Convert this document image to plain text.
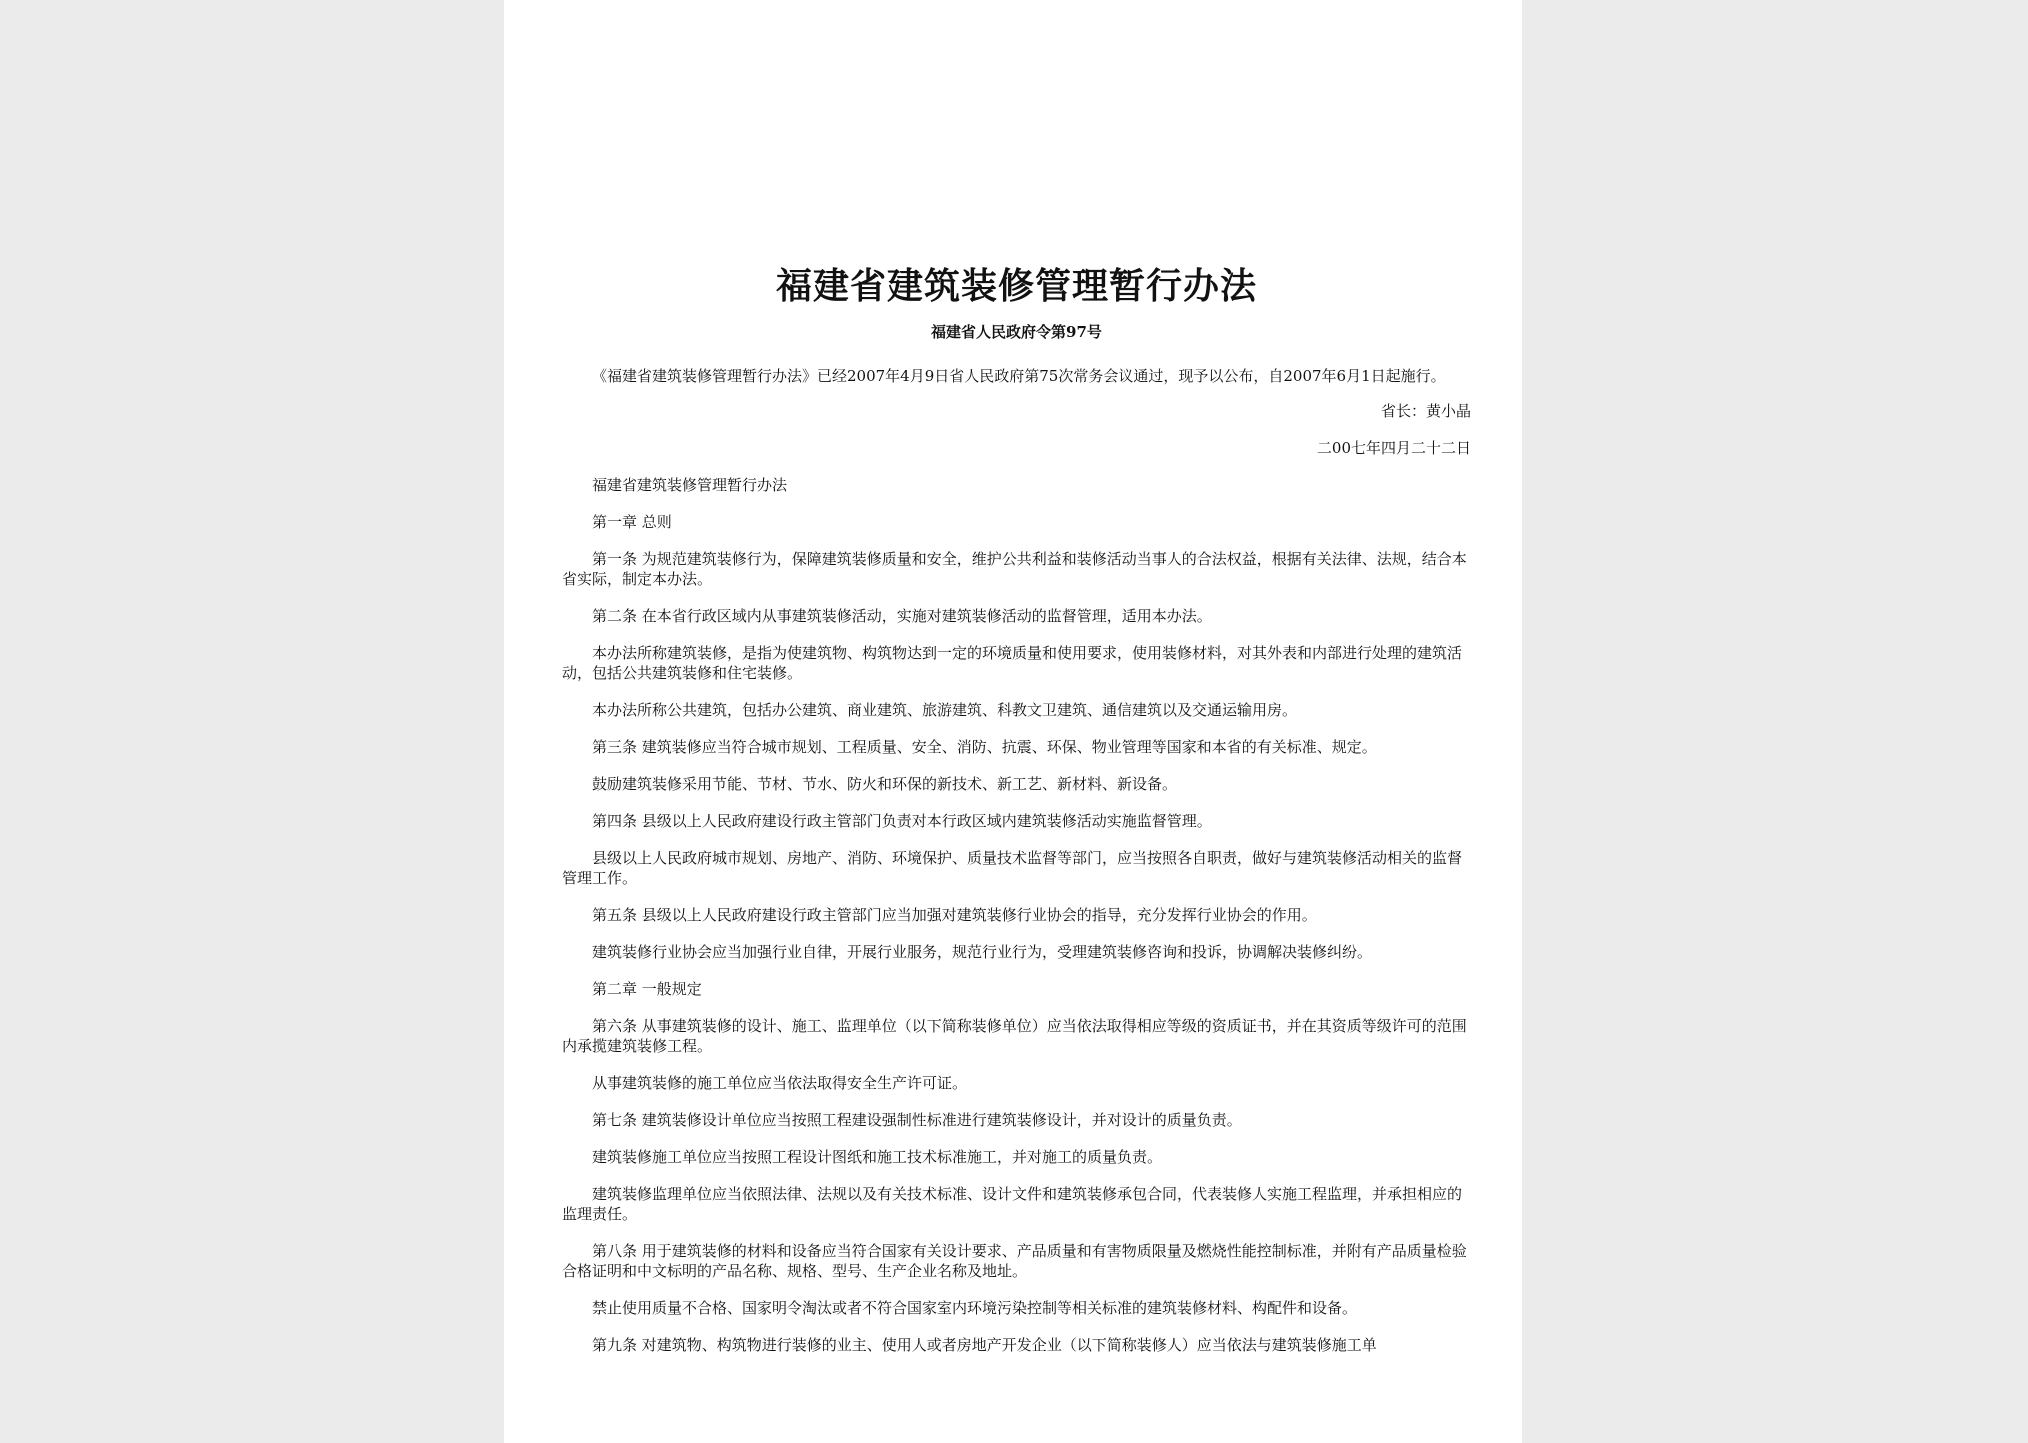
福建省建筑装修管理暂行办法

福建省人民政府令第97号

《福建省建筑装修管理暂行办法》已经2007年4月9日省人民政府第75次常务会议通过，现予以公布，自2007年6月1日起施行。

省长：黄小晶

二00七年四月二十二日

福建省建筑装修管理暂行办法

第一章 总则

第一条 为规范建筑装修行为，保障建筑装修质量和安全，维护公共利益和装修活动当事人的合法权益，根据有关法律、法规，结合本省实际，制定本办法。

第二条 在本省行政区域内从事建筑装修活动，实施对建筑装修活动的监督管理，适用本办法。

本办法所称建筑装修，是指为使建筑物、构筑物达到一定的环境质量和使用要求，使用装修材料，对其外表和内部进行处理的建筑活动，包括公共建筑装修和住宅装修。

本办法所称公共建筑，包括办公建筑、商业建筑、旅游建筑、科教文卫建筑、通信建筑以及交通运输用房。

第三条 建筑装修应当符合城市规划、工程质量、安全、消防、抗震、环保、物业管理等国家和本省的有关标准、规定。

鼓励建筑装修采用节能、节材、节水、防火和环保的新技术、新工艺、新材料、新设备。

第四条 县级以上人民政府建设行政主管部门负责对本行政区域内建筑装修活动实施监督管理。

县级以上人民政府城市规划、房地产、消防、环境保护、质量技术监督等部门，应当按照各自职责，做好与建筑装修活动相关的监督管理工作。

第五条 县级以上人民政府建设行政主管部门应当加强对建筑装修行业协会的指导，充分发挥行业协会的作用。

建筑装修行业协会应当加强行业自律，开展行业服务，规范行业行为，受理建筑装修咨询和投诉，协调解决装修纠纷。

第二章 一般规定

第六条 从事建筑装修的设计、施工、监理单位（以下简称装修单位）应当依法取得相应等级的资质证书，并在其资质等级许可的范围内承揽建筑装修工程。

从事建筑装修的施工单位应当依法取得安全生产许可证。

第七条 建筑装修设计单位应当按照工程建设强制性标准进行建筑装修设计，并对设计的质量负责。

建筑装修施工单位应当按照工程设计图纸和施工技术标准施工，并对施工的质量负责。

建筑装修监理单位应当依照法律、法规以及有关技术标准、设计文件和建筑装修承包合同，代表装修人实施工程监理，并承担相应的监理责任。

第八条 用于建筑装修的材料和设备应当符合国家有关设计要求、产品质量和有害物质限量及燃烧性能控制标准，并附有产品质量检验合格证明和中文标明的产品名称、规格、型号、生产企业名称及地址。

禁止使用质量不合格、国家明令淘汰或者不符合国家室内环境污染控制等相关标准的建筑装修材料、构配件和设备。

第九条 对建筑物、构筑物进行装修的业主、使用人或者房地产开发企业（以下简称装修人）应当依法与建筑装修施工单
